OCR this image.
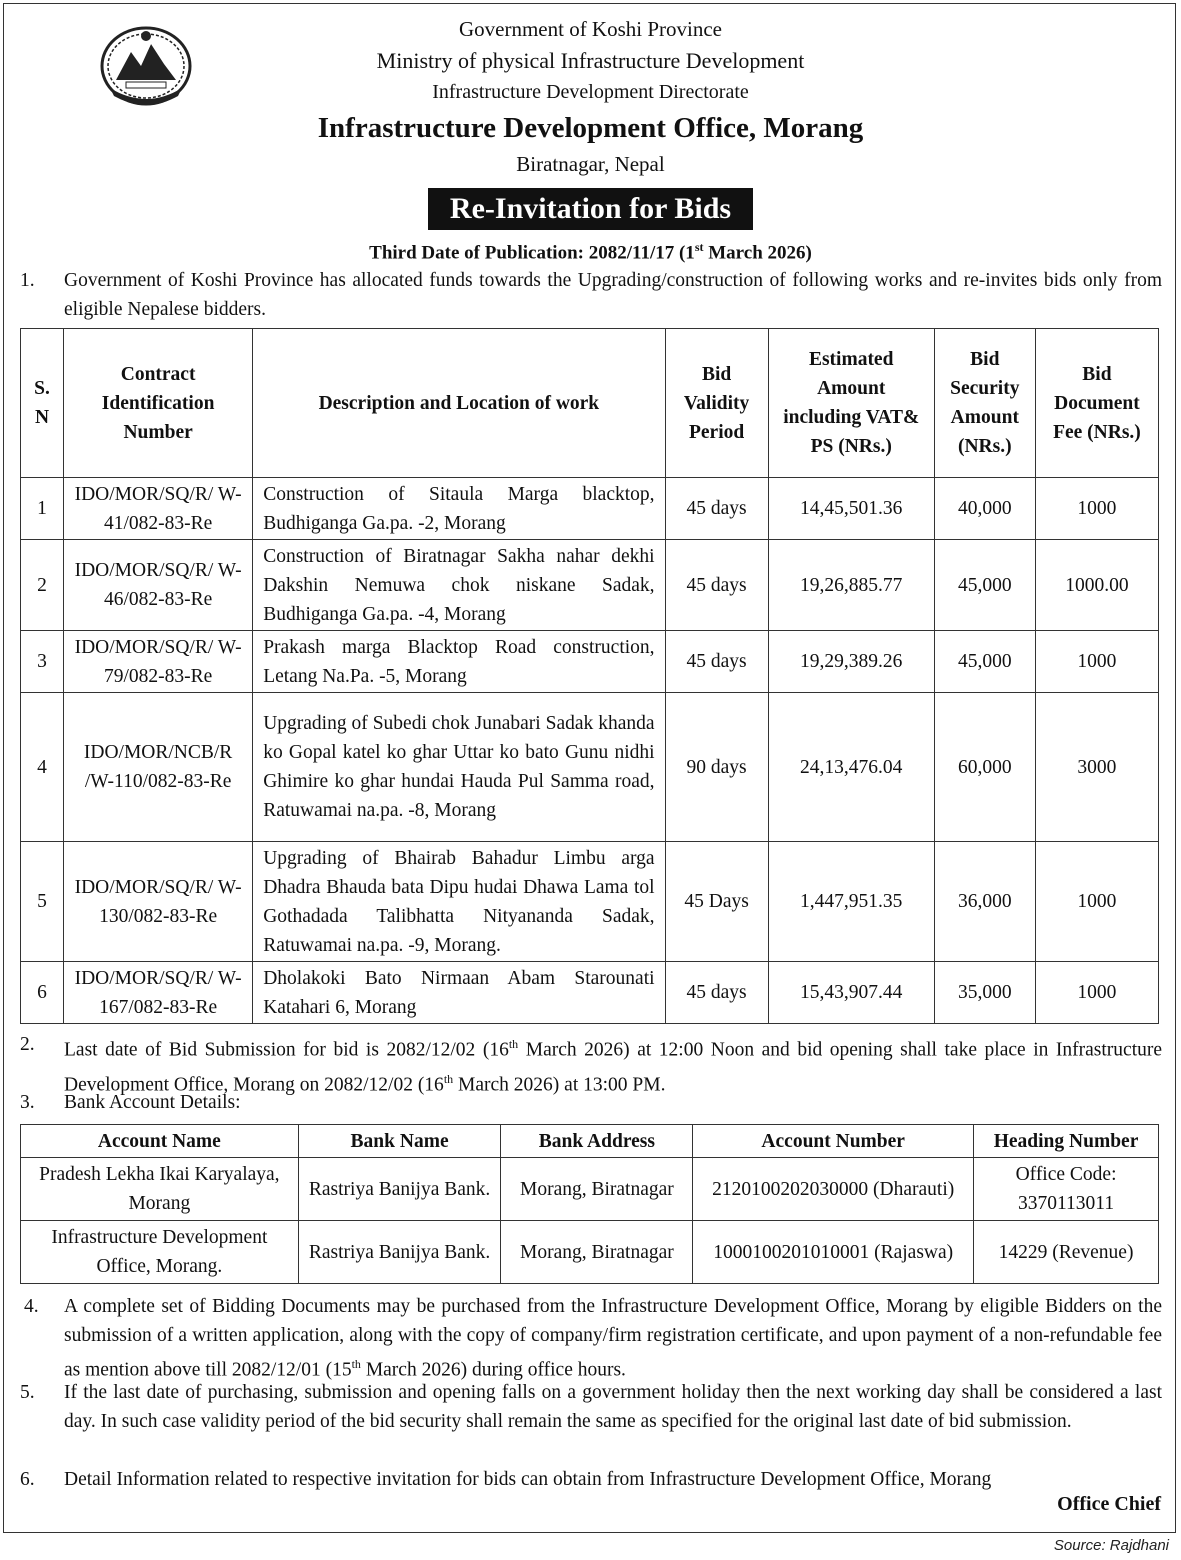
Government of Koshi Province
Ministry of physical Infrastructure Development
Infrastructure Development Directorate
Infrastructure Development Office, Morang
Biratnagar, Nepal
Re-Invitation for Bids
Third Date of Publication: 2082/11/17 (1st March 2026)
1. Government of Koshi Province has allocated funds towards the Upgrading/construction of following works and re-invites bids only from eligible Nepalese bidders.
S. N	Contract Identification Number	Description and Location of work	Bid Validity Period	Estimated Amount including VAT& PS (NRs.)	Bid Security Amount (NRs.)	Bid Document Fee (NRs.)
1	IDO/MOR/SQ/R/ W-41/082-83-Re	Construction of Sitaula Marga blacktop, Budhiganga Ga.pa. -2, Morang	45 days	14,45,501.36	40,000	1000
2	IDO/MOR/SQ/R/ W-46/082-83-Re	Construction of Biratnagar Sakha nahar dekhi Dakshin Nemuwa chok niskane Sadak, Budhiganga Ga.pa. -4, Morang	45 days	19,26,885.77	45,000	1000.00
3	IDO/MOR/SQ/R/ W-79/082-83-Re	Prakash marga Blacktop Road construction, Letang Na.Pa. -5, Morang	45 days	19,29,389.26	45,000	1000
4	IDO/MOR/NCB/R /W-110/082-83-Re	Upgrading of Subedi chok Junabari Sadak khanda ko Gopal katel ko ghar Uttar ko bato Gunu nidhi Ghimire ko ghar hundai Hauda Pul Samma road, Ratuwamai na.pa. -8, Morang	90 days	24,13,476.04	60,000	3000
5	IDO/MOR/SQ/R/ W-130/082-83-Re	Upgrading of Bhairab Bahadur Limbu arga Dhadra Bhauda bata Dipu hudai Dhawa Lama tol Gothadada Talibhatta Nityananda Sadak, Ratuwamai na.pa. -9, Morang.	45 Days	1,447,951.35	36,000	1000
6	IDO/MOR/SQ/R/ W-167/082-83-Re	Dholakoki Bato Nirmaan Abam Starounati Katahari 6, Morang	45 days	15,43,907.44	35,000	1000
2. Last date of Bid Submission for bid is 2082/12/02 (16th March 2026) at 12:00 Noon and bid opening shall take place in Infrastructure Development Office, Morang on 2082/12/02 (16th March 2026) at 13:00 PM.
3. Bank Account Details:
Account Name	Bank Name	Bank Address	Account Number	Heading Number
Pradesh Lekha Ikai Karyalaya, Morang	Rastriya Banijya Bank.	Morang, Biratnagar	2120100202030000 (Dharauti)	Office Code: 3370113011
Infrastructure Development Office, Morang.	Rastriya Banijya Bank.	Morang, Biratnagar	1000100201010001 (Rajaswa)	14229 (Revenue)
4. A complete set of Bidding Documents may be purchased from the Infrastructure Development Office, Morang by eligible Bidders on the submission of a written application, along with the copy of company/firm registration certificate, and upon payment of a non-refundable fee as mention above till 2082/12/01 (15th March 2026) during office hours.
5. If the last date of purchasing, submission and opening falls on a government holiday then the next working day shall be considered a last day. In such case validity period of the bid security shall remain the same as specified for the original last date of bid submission.
6. Detail Information related to respective invitation for bids can obtain from Infrastructure Development Office, Morang
Office Chief
Source: Rajdhani
